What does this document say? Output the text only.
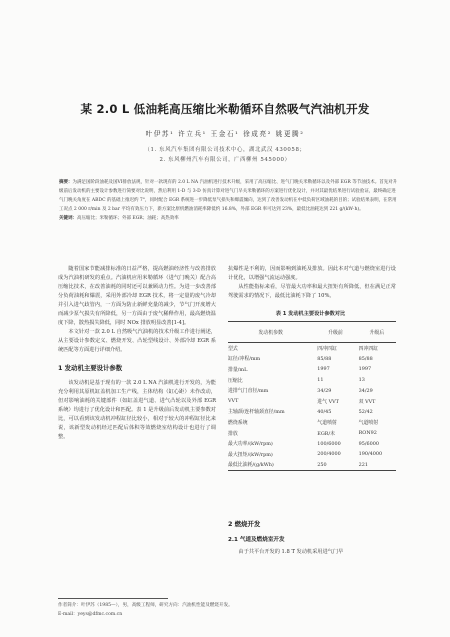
某 2.0 L 低油耗高压缩比米勒循环自然吸气汽油机开发
叶伊苏¹ 许立兵¹ 王金石¹ 徐成亮² 姚更腾²
（1. 东风汽车集团有限公司技术中心，湖北武汉 430058；
2. 东风柳州汽车有限公司，广西柳州 545000）
摘要：为满足国阶段油耗及国VI排放法规，针对一款现有的 2.0 L NA 汽油机进行技术升级，采用了高压缩比、进气门晚关米勒循环以及外部 EGR 等节油技术。首先对升级前后发动机的主要设计参数进行简要对比说明，然后利用 1-D 与 3-D 仿真计算对进气门早关米勒循环的方案进行优化设计，并对其最优结果进行试验验证，最终确定进气门晚关角度在 ABDC 的基础上推迟约 7°，同时配合 EGR 系统进一步降低泵气损失和爆震倾向，达到了改善发动机在中低负荷区域油耗的目的；试验结果表明，在常用工况点 2 000 r/min 及 2 bar 平均有效压力下，新方案比原机燃油消耗率降低约 16.8%，外部 EGR 率可达到 23%，最低比油耗达到 221 g/(kW·h)。
关键词：高压缩比；米勒循环；外部 EGR；油耗；高热效率

随着国家节能减排标准的日益严格，提高燃油经济性与改善排放成为汽油机研发的重点。汽油机应用米勒循环（进气门晚关）配合高压缩比技术，在改善油耗的同时还可以兼顾动力性。为进一步改善部分负荷油耗和爆震，采用外部冷却 EGR 技术，将一定量的废气冷却并引入进气歧管内，一方面为防止新鲜充量的减少，节气门开度增大而减少泵气损失有所降低，另一方面由于废气稀释作用，最高燃烧温度下降，散热损失降低，同时 NOx 排放明显改善[1-4]。

本文针对一款 2.0 L 自然吸气汽油机的技术升级工作进行阐述，从主要设计参数定义、燃烧开发、凸轮型线设计、外部冷却 EGR 系统匹配等方面进行详细介绍。

1 发动机主要设计参数

该发动机是基于现有的一款 2.0 L NA 汽油机进行开发的，为能充分利用其原机缸盖机加工生产线，主体结构（缸心距）未作改动，但对影响油耗的关键部件（如缸盖进气道、进气凸轮以及外部 EGR 系统）均进行了优化设计和匹配。表 1 是升级前后发动机主要参数对比，可以看到该发动机冲程缸径比较小，相对于较大的冲程缸径比来说，该新型发动机经过匹配后体积等效燃烧室结构设计也进行了调整。

抗爆性是不利的，因而影响到油耗及排放。因此本对气道与燃烧室进行设计优化，以增强气流运动强度。

从性能指标来看，尽管最大功率和最大扭矩有所降低，但在满足正常驾驶需求的情况下，最低比油耗下降了 10%。

表 1 发动机主要设计参数对比
发动机参数	升级前	升级后
型式	四冲四缸	四冲四缸
缸径/冲程/mm	85/88	85/88
排量/mL	1997	1997
压缩比	11	13
进排气门直径/mm	34/29	34/29
VVT	进气 VVT	双 VVT
主轴颈/连杆轴颈直径/mm	40/45	52/42
燃烧系统	气道喷射	气道喷射
排放	EGR/未	RON92
最大功率/(kW/rpm)	100/6000	95/6000
最大扭矩/(kW/rpm)	200/4000	190/4000
最低比油耗/(g/kWh)	250	221
2 燃烧开发
2.1 气道及燃烧室开发

由于共平台开发的 1.8 T 发动机采用进气门早

作者简介：叶伊苏（1985—），男，高级工程师，研究方向：汽油机性能及燃烧开发。
E-mail：yeys@dfmc.com.cn
